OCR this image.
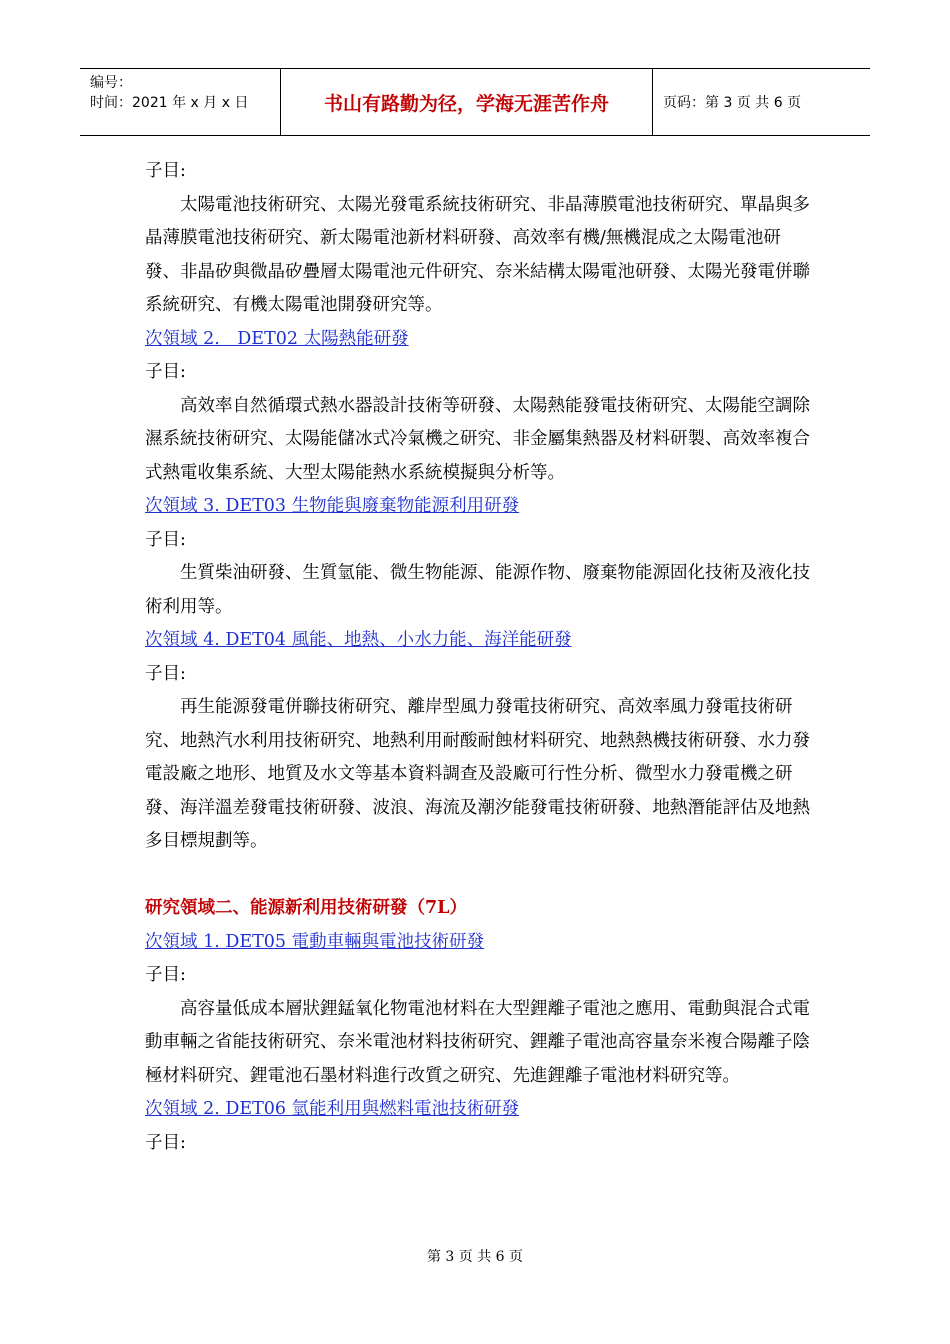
编号：
时间：2021 年 x 月 x 日	书山有路勤为径，学海无涯苦作舟	页码：第 3 页 共 6 页

子目:

太陽電池技術研究、太陽光發電系統技術研究、非晶薄膜電池技術研究、單晶與多晶薄膜電池技術研究、新太陽電池新材料研發、高效率有機/無機混成之太陽電池研發、非晶矽與微晶矽疊層太陽電池元件研究、奈米結構太陽電池研發、太陽光發電併聯系統研究、有機太陽電池開發研究等。

次領域 2.　DET02 太陽熱能研發

子目:

高效率自然循環式熱水器設計技術等研發、太陽熱能發電技術研究、太陽能空調除濕系統技術研究、太陽能儲冰式冷氣機之研究、非金屬集熱器及材料研製、高效率複合式熱電收集系統、大型太陽能熱水系統模擬與分析等。

次領域 3. DET03 生物能與廢棄物能源利用研發

子目:

生質柴油研發、生質氫能、微生物能源、能源作物、廢棄物能源固化技術及液化技術利用等。

次領域 4. DET04 風能、地熱、小水力能、海洋能研發

子目:

再生能源發電併聯技術研究、離岸型風力發電技術研究、高效率風力發電技術研究、地熱汽水利用技術研究、地熱利用耐酸耐蝕材料研究、地熱熱機技術研發、水力發電設廠之地形、地質及水文等基本資料調查及設廠可行性分析、微型水力發電機之研發、海洋溫差發電技術研發、波浪、海流及潮汐能發電技術研發、地熱潛能評估及地熱多目標規劃等。

研究領域二、能源新利用技術研發（7L）

次領域 1. DET05 電動車輛與電池技術研發

子目:

高容量低成本層狀鋰錳氧化物電池材料在大型鋰離子電池之應用、電動與混合式電動車輛之省能技術研究、奈米電池材料技術研究、鋰離子電池高容量奈米複合陽離子陰極材料研究、鋰電池石墨材料進行改質之研究、先進鋰離子電池材料研究等。

次領域 2. DET06 氫能利用與燃料電池技術研發

子目:

第 3 页 共 6 页
